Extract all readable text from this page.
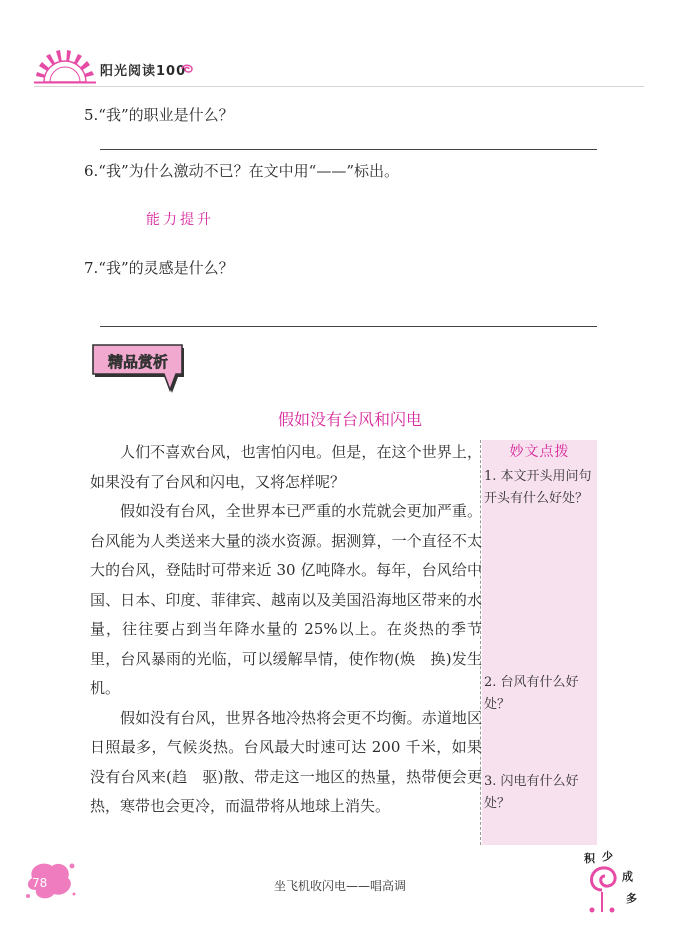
阳光阅读100
5.“我”的职业是什么？
6.“我”为什么激动不已？在文中用“——”标出。
能力提升
7.“我”的灵感是什么？
精品赏析
假如没有台风和闪电
妙文点拨
1. 本文开头用问句开头有什么好处？
2. 台风有什么好处？
3. 闪电有什么好处？

人们不喜欢台风，也害怕闪电。但是，在这个世界上，如果没有了台风和闪电，又将怎样呢？

假如没有台风，全世界本已严重的水荒就会更加严重。台风能为人类送来大量的淡水资源。据测算，一个直径不太大的台风，登陆时可带来近 30 亿吨降水。每年，台风给中国、日本、印度、菲律宾、越南以及美国沿海地区带来的水量，往往要占到当年降水量的 25%以上。在炎热的季节里，台风暴雨的光临，可以缓解旱情，使作物(焕　换)发生机。

假如没有台风，世界各地冷热将会更不均衡。赤道地区日照最多，气候炎热。台风最大时速可达 200 千米，如果没有台风来(趋　驱)散、带走这一地区的热量，热带便会更热，寒带也会更冷，而温带将从地球上消失。

78	坐飞机收闪电——唱高调
积 少
成
多
